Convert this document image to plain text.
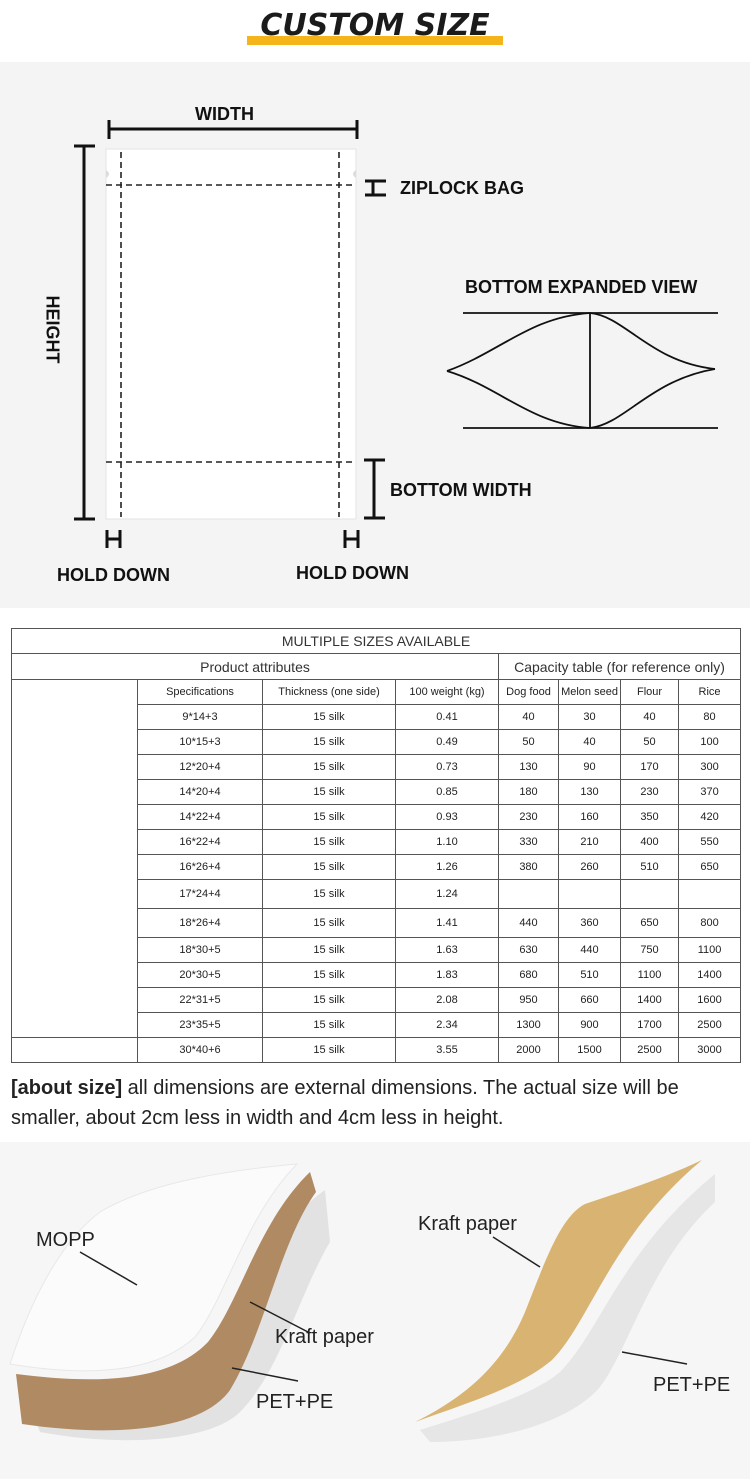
CUSTOM SIZE
WIDTH
HEIGHT
ZIPLOCK BAG
BOTTOM EXPANDED VIEW
BOTTOM WIDTH
HOLD DOWN	HOLD DOWN
MULTIPLE SIZES AVAILABLE							
Product attributes				Capacity table (for reference only)			
	Specifications	Thickness (one side)	100 weight (kg)	Dog food	Melon seed	Flour	Rice
	9*14+3	15 silk	0.41	40	30	40	80
	10*15+3	15 silk	0.49	50	40	50	100
	12*20+4	15 silk	0.73	130	90	170	300
	14*20+4	15 silk	0.85	180	130	230	370
	14*22+4	15 silk	0.93	230	160	350	420
	16*22+4	15 silk	1.10	330	210	400	550
	16*26+4	15 silk	1.26	380	260	510	650
	17*24+4	15 silk	1.24				
	18*26+4	15 silk	1.41	440	360	650	800
	18*30+5	15 silk	1.63	630	440	750	1100
	20*30+5	15 silk	1.83	680	510	1100	1400
	22*31+5	15 silk	2.08	950	660	1400	1600
	23*35+5	15 silk	2.34	1300	900	1700	2500
	30*40+6	15 silk	3.55	2000	1500	2500	3000
[about size] all dimensions are external dimensions. The actual size will be smaller, about 2cm less in width and 4cm less in height.
MOPP
Kraft paper
PET+PE
Kraft paper
PET+PE
